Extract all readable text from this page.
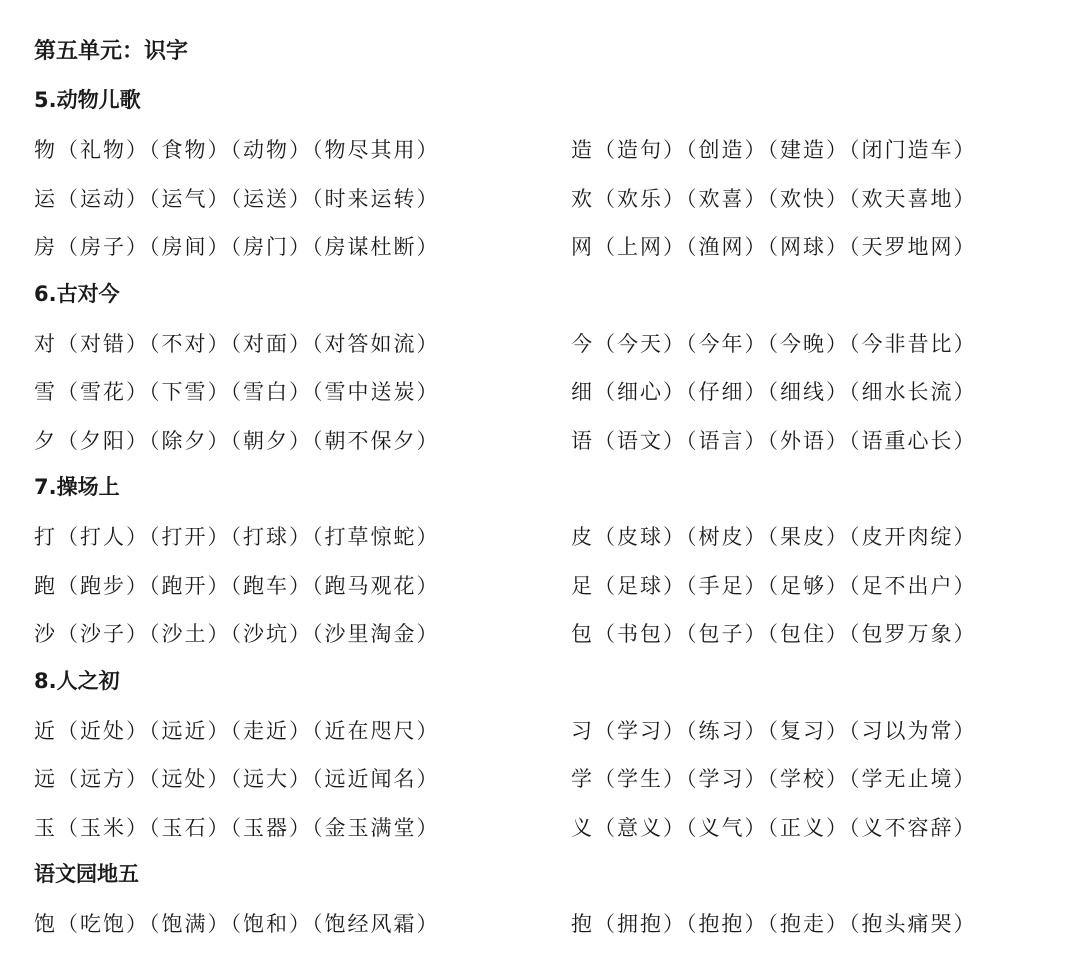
第五单元：识字
5.动物儿歌
物（礼物）（食物）（动物）（物尽其用）	造（造句）（创造）（建造）（闭门造车）
运（运动）（运气）（运送）（时来运转）	欢（欢乐）（欢喜）（欢快）（欢天喜地）
房（房子）（房间）（房门）（房谋杜断）	网（上网）（渔网）（网球）（天罗地网）
6.古对今
对（对错）（不对）（对面）（对答如流）	今（今天）（今年）（今晚）（今非昔比）
雪（雪花）（下雪）（雪白）（雪中送炭）	细（细心）（仔细）（细线）（细水长流）
夕（夕阳）（除夕）（朝夕）（朝不保夕）	语（语文）（语言）（外语）（语重心长）
7.操场上
打（打人）（打开）（打球）（打草惊蛇）	皮（皮球）（树皮）（果皮）（皮开肉绽）
跑（跑步）（跑开）（跑车）（跑马观花）	足（足球）（手足）（足够）（足不出户）
沙（沙子）（沙土）（沙坑）（沙里淘金）	包（书包）（包子）（包住）（包罗万象）
8.人之初
近（近处）（远近）（走近）（近在咫尺）	习（学习）（练习）（复习）（习以为常）
远（远方）（远处）（远大）（远近闻名）	学（学生）（学习）（学校）（学无止境）
玉（玉米）（玉石）（玉器）（金玉满堂）	义（意义）（义气）（正义）（义不容辞）
语文园地五
饱（吃饱）（饱满）（饱和）（饱经风霜）	抱（拥抱）（抱抱）（抱走）（抱头痛哭）
